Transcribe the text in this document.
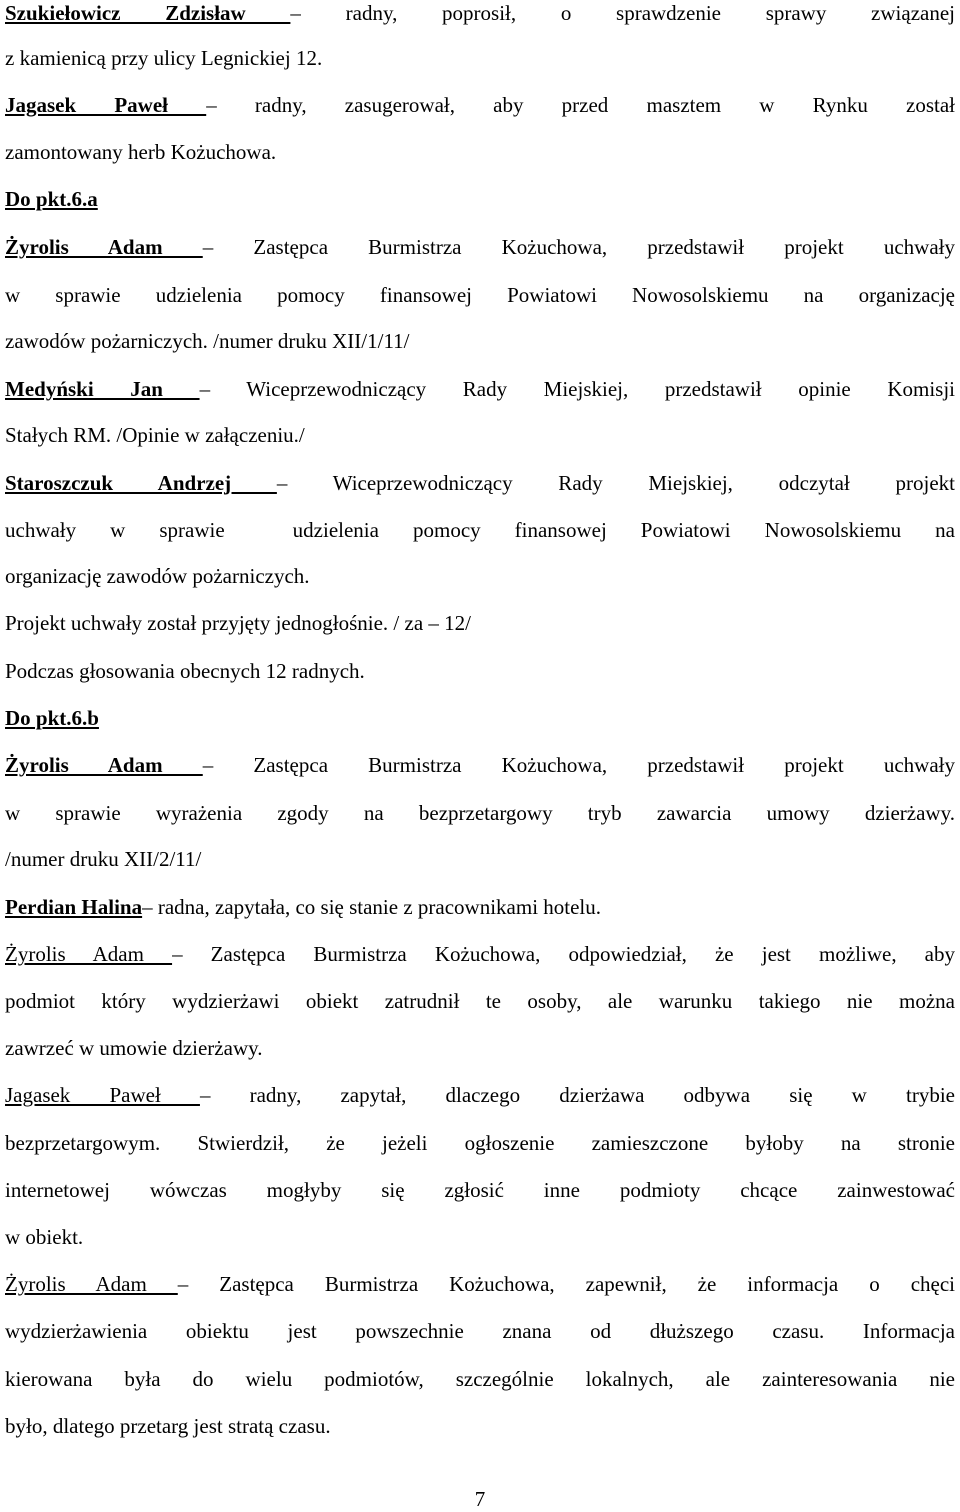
Szukiełowicz Zdzisław – radny, poprosił, o sprawdzenie sprawy związanej
z kamienicą przy ulicy Legnickiej 12.
Jagasek Paweł – radny, zasugerował, aby przed masztem w Rynku został
zamontowany herb Kożuchowa.
Do pkt.6.a
Żyrolis Adam – Zastępca Burmistrza Kożuchowa, przedstawił projekt uchwały
w sprawie udzielenia pomocy finansowej Powiatowi Nowosolskiemu na organizację
zawodów pożarniczych. /numer druku XII/1/11/
Medyński Jan – Wiceprzewodniczący Rady Miejskiej, przedstawił opinie Komisji
Stałych RM. /Opinie w załączeniu./
Staroszczuk Andrzej – Wiceprzewodniczący Rady Miejskiej, odczytał projekt
uchwały w sprawie  udzielenia pomocy finansowej Powiatowi Nowosolskiemu na
organizację zawodów pożarniczych.
Projekt uchwały został przyjęty jednogłośnie. / za – 12/
Podczas głosowania obecnych 12 radnych.
Do pkt.6.b
Żyrolis Adam – Zastępca Burmistrza Kożuchowa, przedstawił projekt uchwały
w sprawie wyrażenia zgody na bezprzetargowy tryb zawarcia umowy dzierżawy.
/numer druku XII/2/11/
Perdian Halina– radna, zapytała, co się stanie z pracownikami hotelu.
Żyrolis Adam – Zastępca Burmistrza Kożuchowa, odpowiedział, że jest możliwe, aby
podmiot który wydzierżawi obiekt zatrudnił te osoby, ale warunku takiego nie można
zawrzeć w umowie dzierżawy.
Jagasek Paweł – radny, zapytał, dlaczego dzierżawa odbywa się w trybie
bezprzetargowym. Stwierdził, że jeżeli ogłoszenie zamieszczone byłoby na stronie
internetowej wówczas mogłyby się zgłosić inne podmioty chcące zainwestować
w obiekt.
Żyrolis Adam – Zastępca Burmistrza Kożuchowa, zapewnił, że informacja o chęci
wydzierżawienia obiektu jest powszechnie znana od dłuższego czasu. Informacja
kierowana była do wielu podmiotów, szczególnie lokalnych, ale zainteresowania nie
było, dlatego przetarg jest stratą czasu.
7
